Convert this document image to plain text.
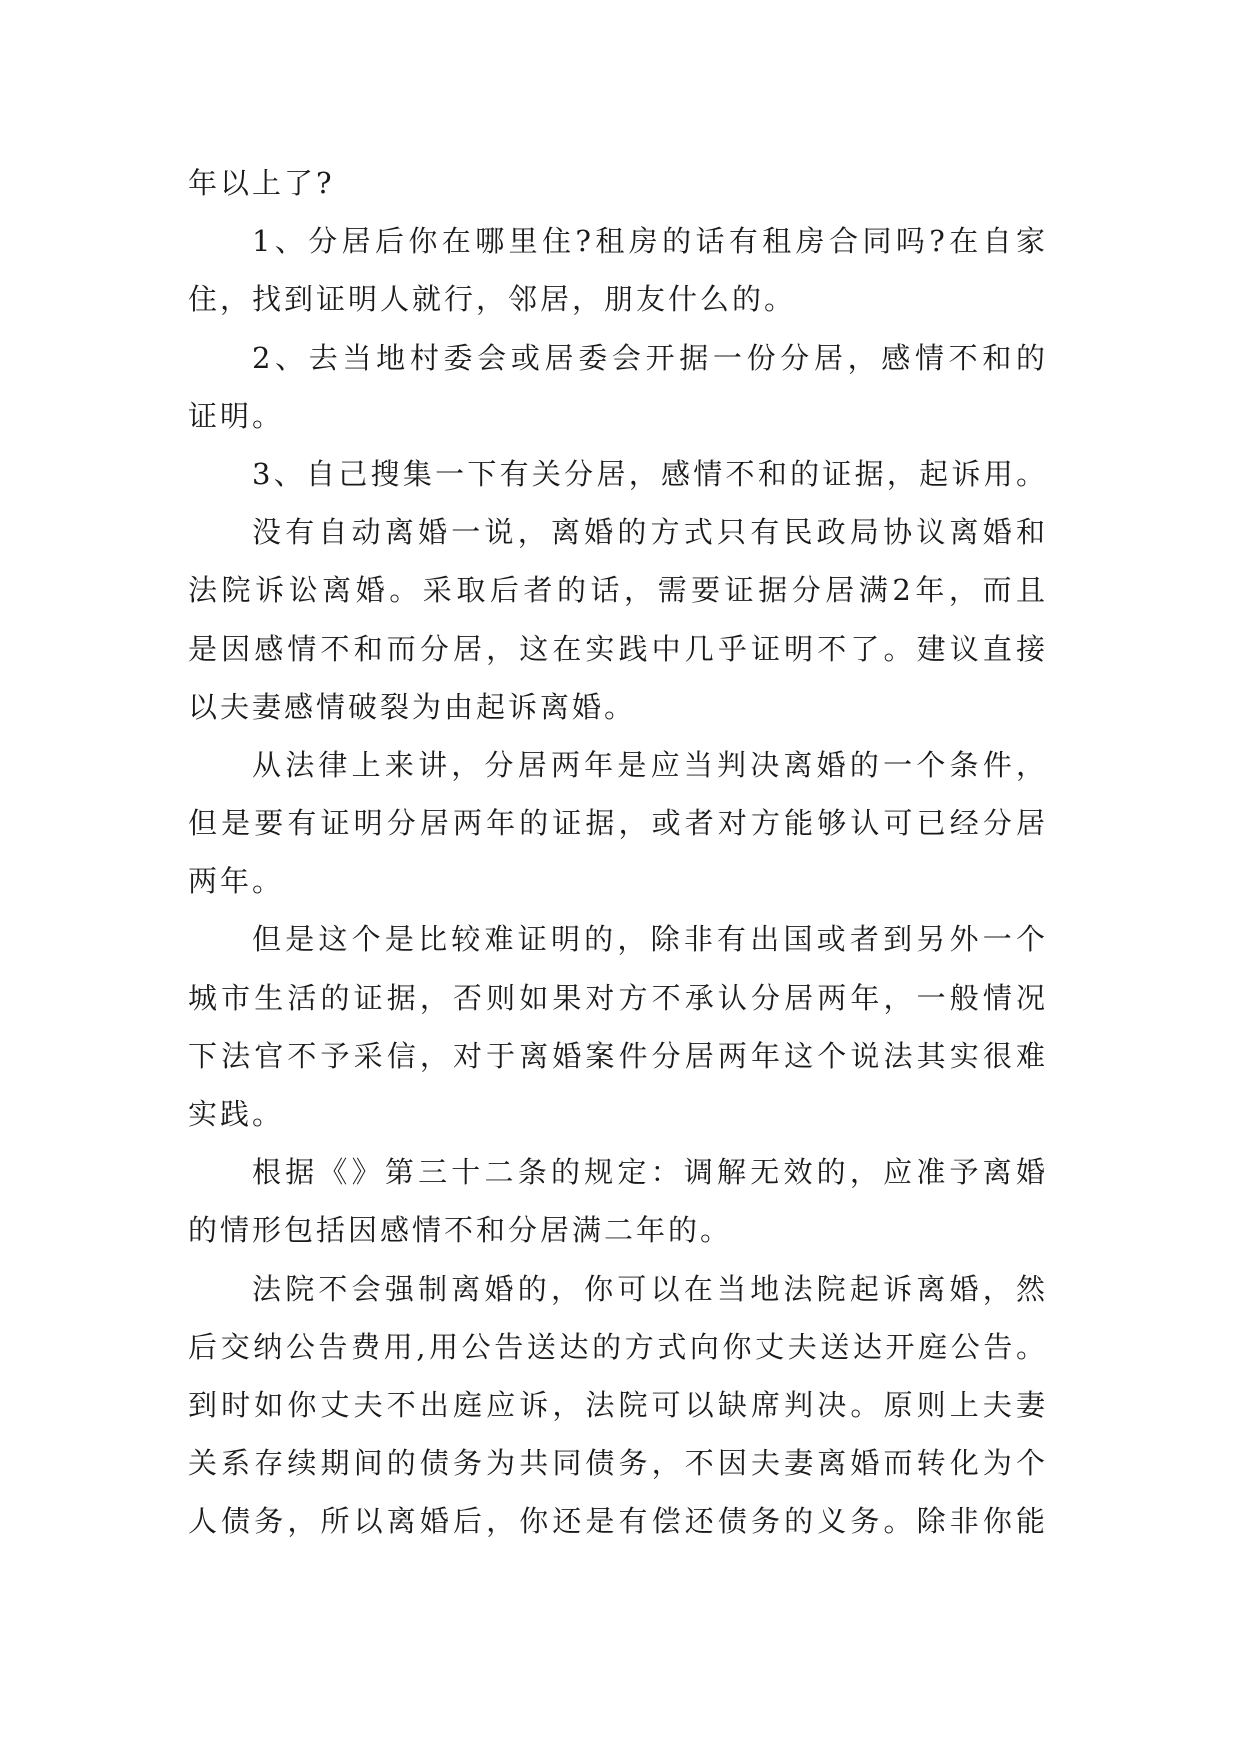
年以上了?
1、分居后你在哪里住?租房的话有租房合同吗?在自家
住，找到证明人就行，邻居，朋友什么的。
2、去当地村委会或居委会开据一份分居，感情不和的
证明。
3、自己搜集一下有关分居，感情不和的证据，起诉用。
没有自动离婚一说，离婚的方式只有民政局协议离婚和
法院诉讼离婚。采取后者的话，需要证据分居满2年，而且
是因感情不和而分居，这在实践中几乎证明不了。建议直接
以夫妻感情破裂为由起诉离婚。
从法律上来讲，分居两年是应当判决离婚的一个条件，
但是要有证明分居两年的证据，或者对方能够认可已经分居
两年。
但是这个是比较难证明的，除非有出国或者到另外一个
城市生活的证据，否则如果对方不承认分居两年，一般情况
下法官不予采信，对于离婚案件分居两年这个说法其实很难
实践。
根据《》第三十二条的规定：调解无效的，应准予离婚
的情形包括因感情不和分居满二年的。
法院不会强制离婚的，你可以在当地法院起诉离婚，然
后交纳公告费用,用公告送达的方式向你丈夫送达开庭公告。
到时如你丈夫不出庭应诉，法院可以缺席判决。原则上夫妻
关系存续期间的债务为共同债务，不因夫妻离婚而转化为个
人债务，所以离婚后，你还是有偿还债务的义务。除非你能
